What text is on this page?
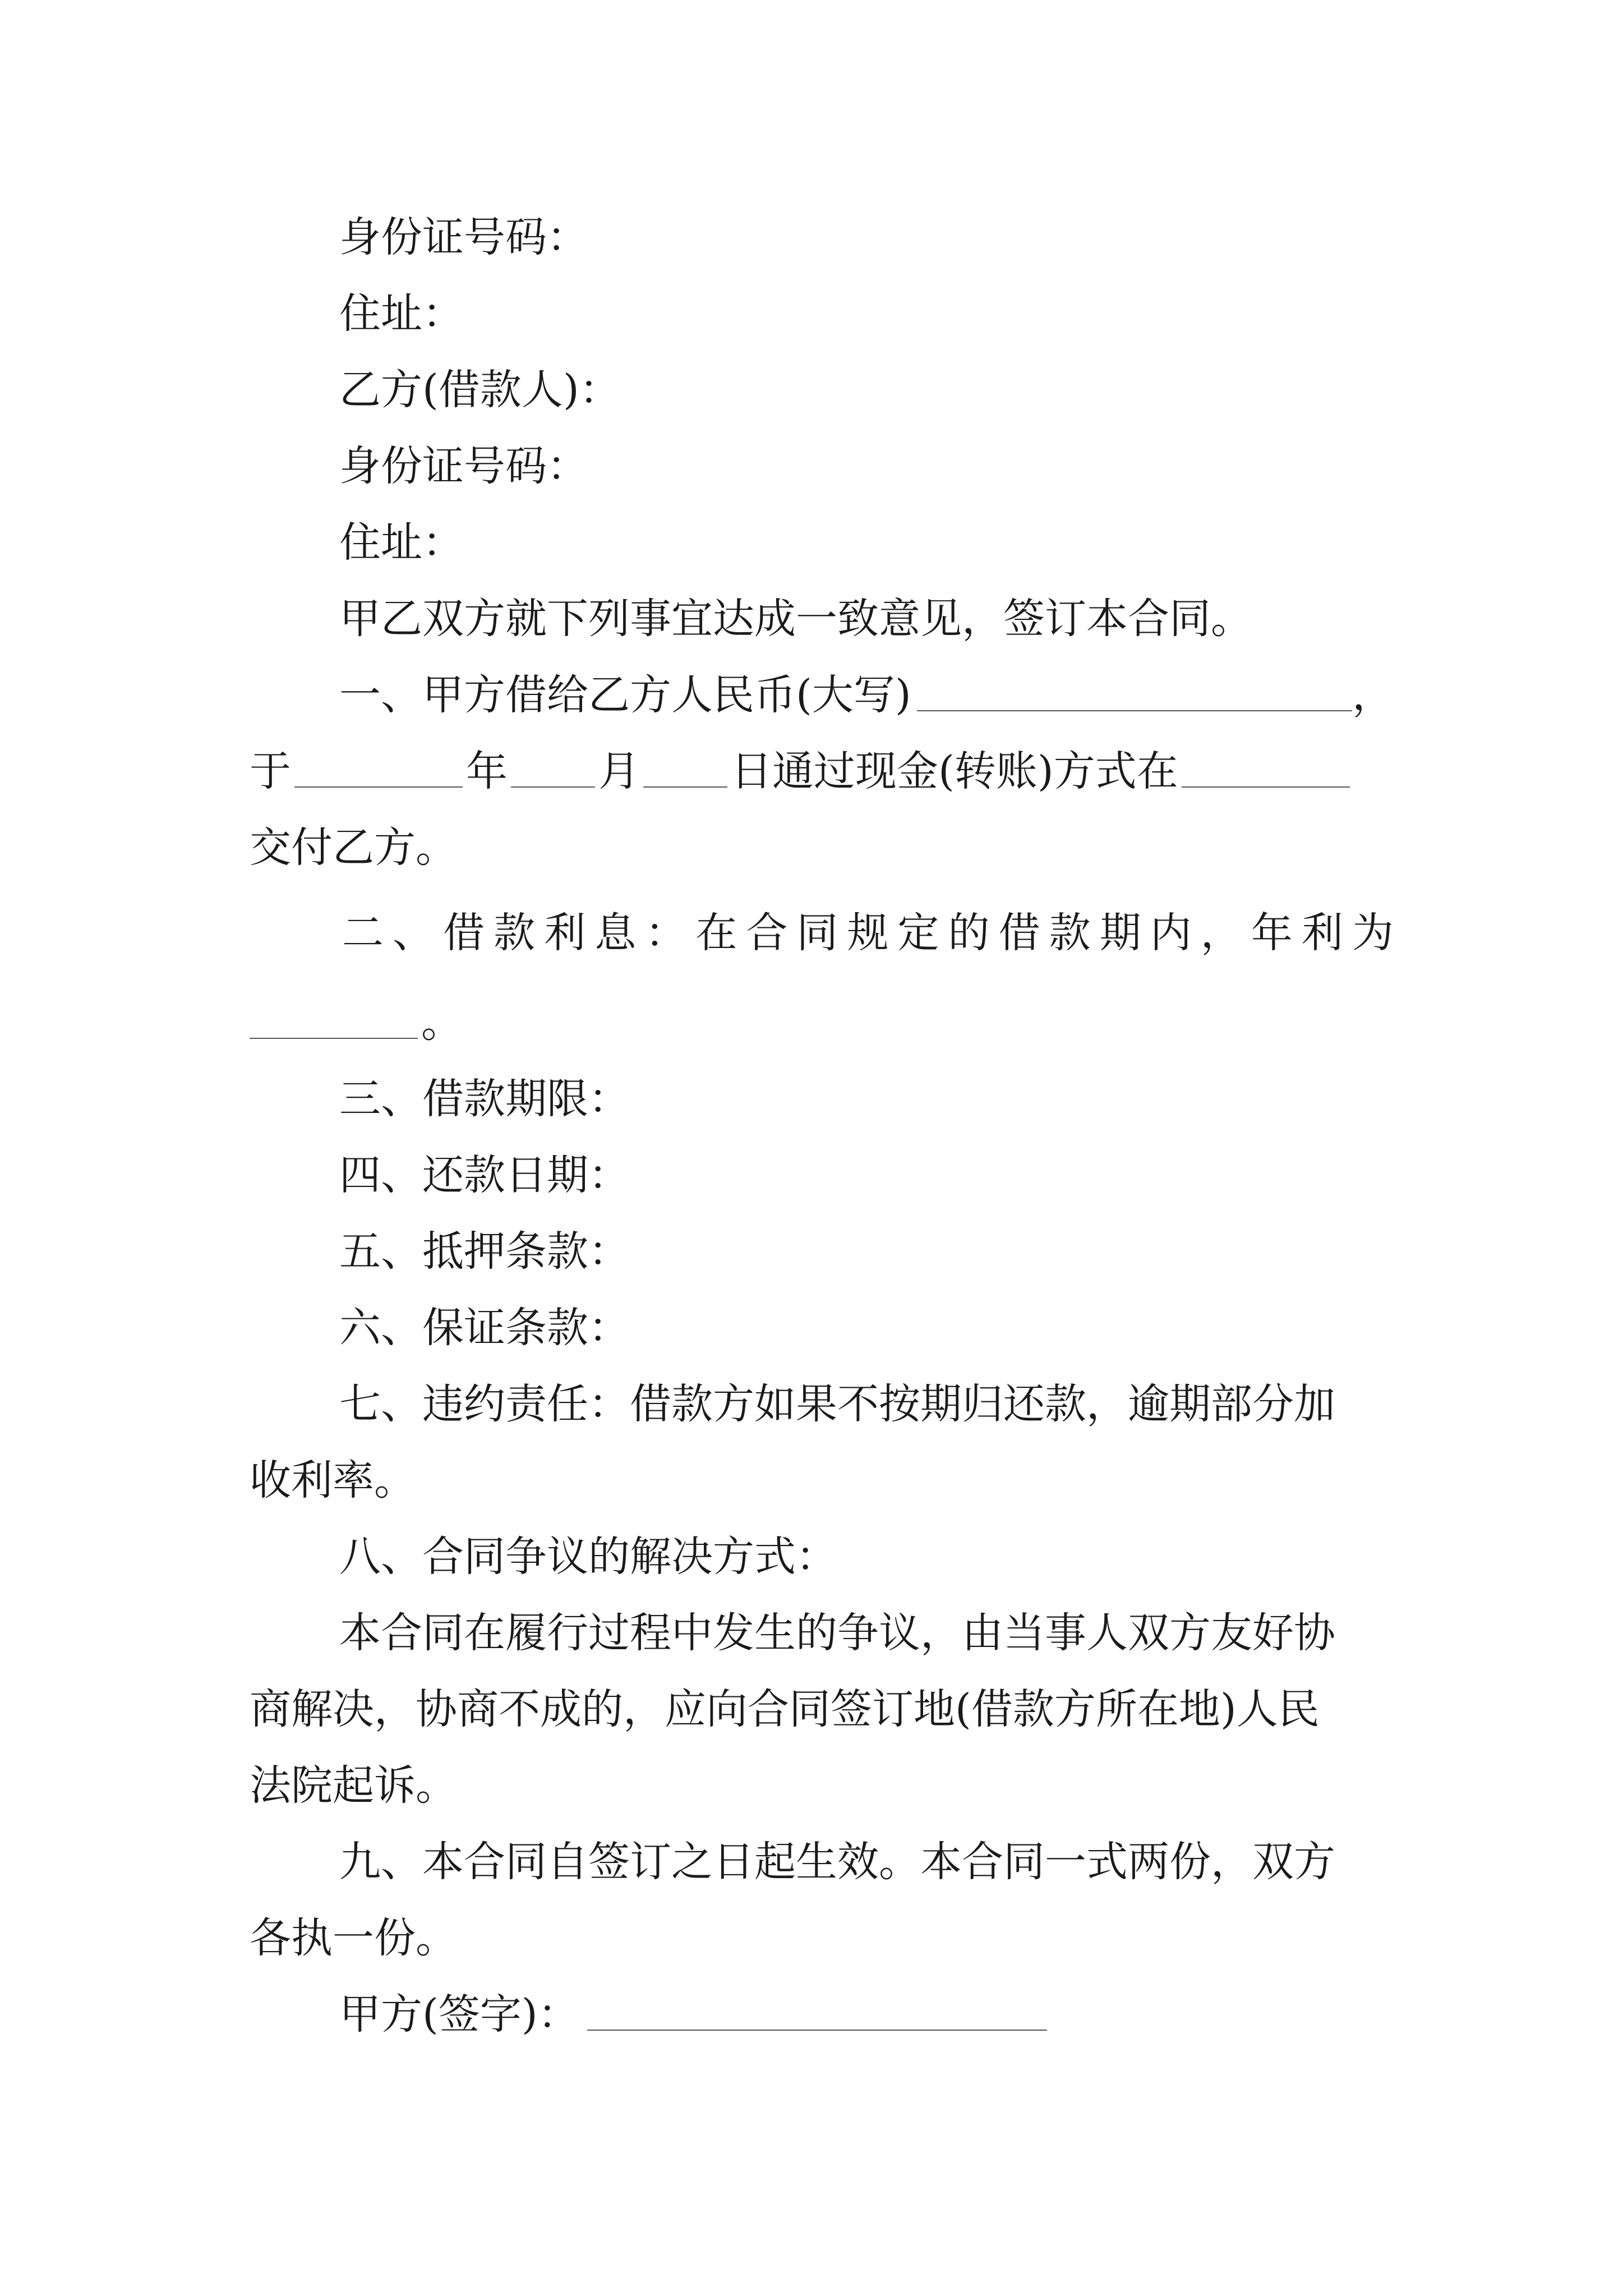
身份证号码：
住址：
乙方(借款人)：
身份证号码：
住址：
甲乙双方就下列事宜达成一致意见，签订本合同。
一、甲方借给乙方人民币(大写)	，
于	年 月 日通过现金(转账)方式在
交付乙方。
二 、 借 款 利 息 ： 在 合 同 规 定 的 借 款 期 内 ， 年 利 为
。
三、借款期限：
四、还款日期：
五、抵押条款：
六、保证条款：
七、违约责任：借款方如果不按期归还款，逾期部分加
收利率。
八、合同争议的解决方式：
本合同在履行过程中发生的争议，由当事人双方友好协
商解决，协商不成的，应向合同签订地(借款方所在地)人民
法院起诉。
九、本合同自签订之日起生效。本合同一式两份，双方
各执一份。
甲方(签字)：
